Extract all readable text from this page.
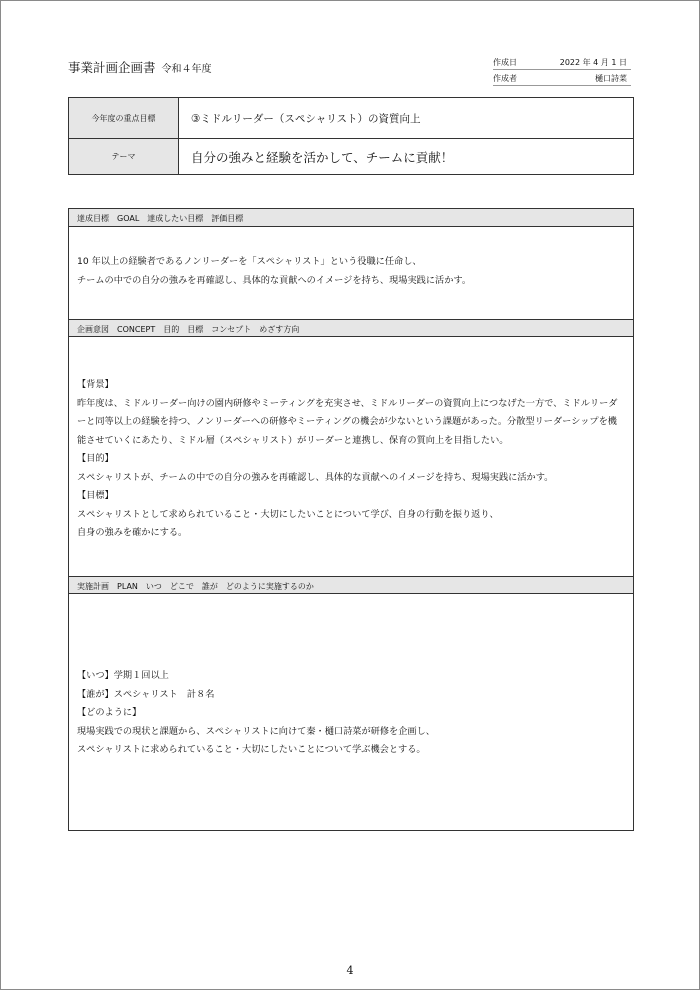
事業計画企画書 令和４年度
作成日	2022 年 4 月 1 日
作成者	樋口詩菜
今年度の重点目標	③ミドルリーダー（スペシャリスト）の資質向上
テーマ	自分の強みと経験を活かして、チームに貢献！
達成目標　GOAL　達成したい目標　評価目標

10 年以上の経験者であるノンリーダーを「スペシャリスト」という役職に任命し、

チームの中での自分の強みを再確認し、具体的な貢献へのイメージを持ち、現場実践に活かす。

企画意図　CONCEPT　目的　目標　コンセプト　めざす方向

【背景】

昨年度は、ミドルリーダー向けの園内研修やミーティングを充実させ、ミドルリーダーの資質向上につなげた一方で、ミドルリーダーと同等以上の経験を持つ、ノンリーダーへの研修やミーティングの機会が少ないという課題があった。分散型リーダーシップを機能させていくにあたり、ミドル層（スペシャリスト）がリーダーと連携し、保育の質向上を目指したい。

【目的】

スペシャリストが、チームの中での自分の強みを再確認し、具体的な貢献へのイメージを持ち、現場実践に活かす。

【目標】

スペシャリストとして求められていること・大切にしたいことについて学び、自身の行動を振り返り、

自身の強みを確かにする。

実施計画　PLAN　いつ　どこで　誰が　どのように実施するのか

【いつ】学期１回以上

【誰が】スペシャリスト　計８名

【どのように】

現場実践での現状と課題から、スペシャリストに向けて秦・樋口詩菜が研修を企画し、

スペシャリストに求められていること・大切にしたいことについて学ぶ機会とする。

4
